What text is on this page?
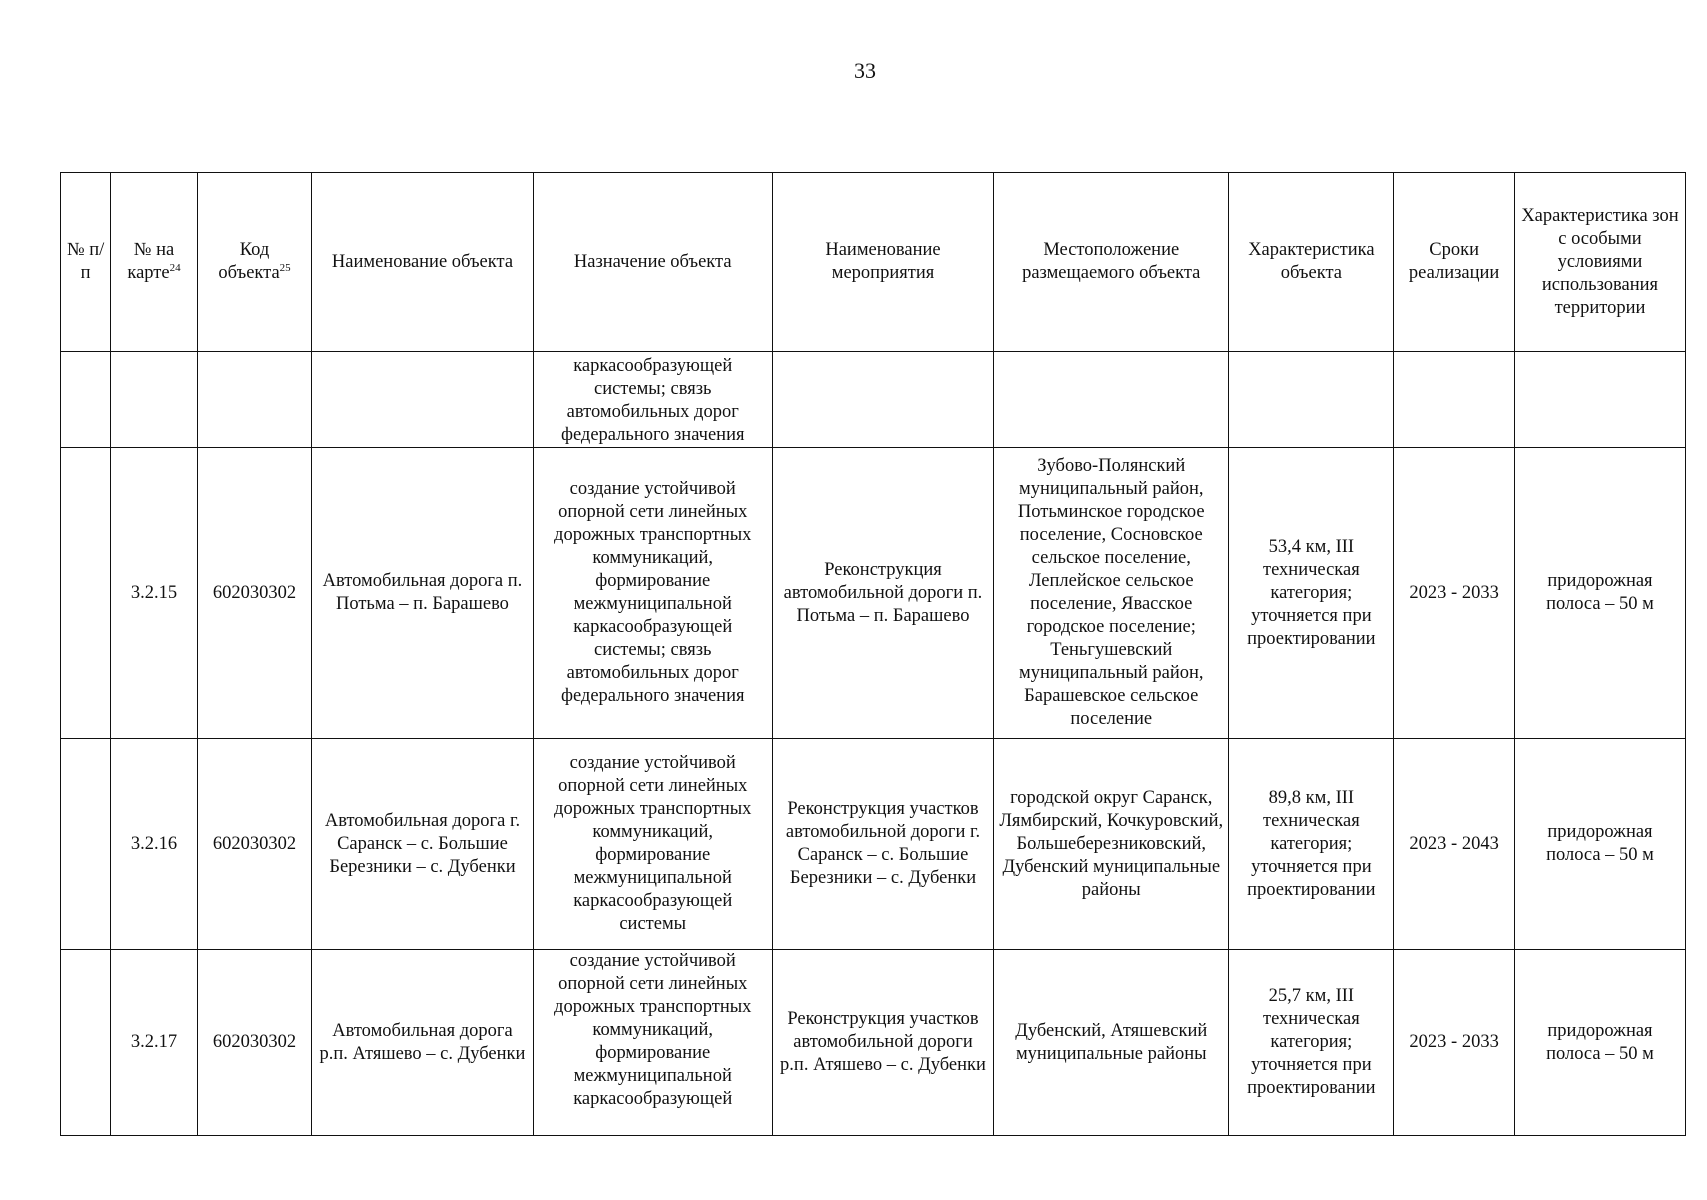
33
№ п/п	№ на карте$^{24}$	Код объекта$^{25}$	Наименование объекта	Назначение объекта	Наименование мероприятия	Местоположение размещаемого объекта	Характеристика объекта	Сроки реализации	Характеристика зон с особыми условиями использования территории
				каркасообразующей системы; связь автомобильных дорог федерального значения					
	3.2.15	602030302	Автомобильная дорога п. Потьма – п. Барашево	создание устойчивой опорной сети линейных дорожных транспортных коммуникаций, формирование межмуниципальной каркасообразующей системы; связь автомобильных дорог федерального значения	Реконструкция автомобильной дороги п. Потьма – п. Барашево	Зубово-Полянский муниципальный район, Потьминское городское поселение, Сосновское сельское поселение, Леплейское сельское поселение, Явасское городское поселение; Теньгушевский муниципальный район, Барашевское сельское поселение	53,4 км, III техническая категория; уточняется при проектировании	2023 - 2033	придорожная полоса – 50 м
	3.2.16	602030302	Автомобильная дорога г. Саранск – с. Большие Березники – с. Дубенки	создание устойчивой опорной сети линейных дорожных транспортных коммуникаций, формирование межмуниципальной каркасообразующей системы	Реконструкция участков автомобильной дороги г. Саранск – с. Большие Березники – с. Дубенки	городской округ Саранск, Лямбирский, Кочкуровский, Большеберезниковский, Дубенский муниципальные районы	89,8 км, III техническая категория; уточняется при проектировании	2023 - 2043	придорожная полоса – 50 м
	3.2.17	602030302	Автомобильная дорога р.п. Атяшево – с. Дубенки	создание устойчивой опорной сети линейных дорожных транспортных коммуникаций, формирование межмуниципальной каркасообразующей	Реконструкция участков автомобильной дороги р.п. Атяшево – с. Дубенки	Дубенский, Атяшевский муниципальные районы	25,7 км, III техническая категория; уточняется при проектировании	2023 - 2033	придорожная полоса – 50 м
